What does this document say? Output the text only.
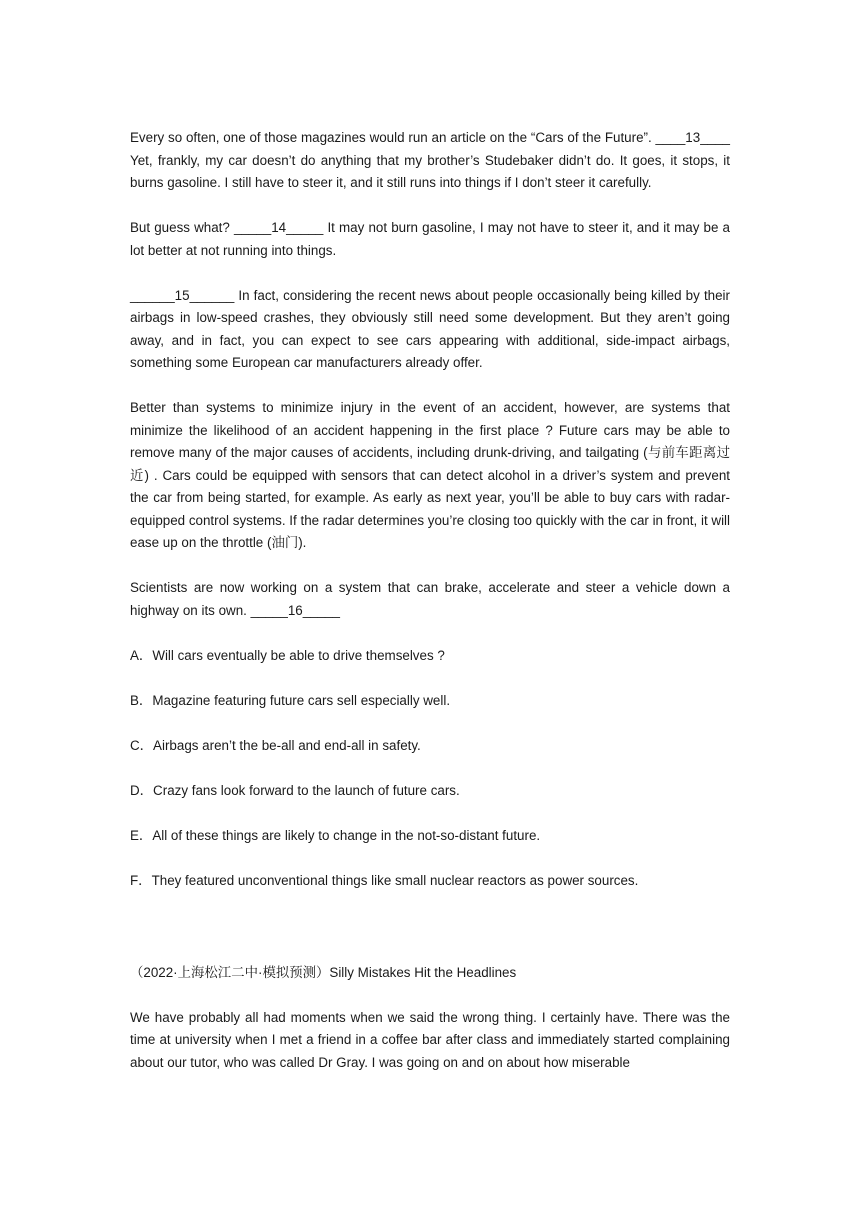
Every so often, one of those magazines would run an article on the “Cars of the Future”. ____13____ Yet, frankly, my car doesn’t do anything that my brother’s Studebaker didn’t do. It goes, it stops, it burns gasoline. I still have to steer it, and it still runs into things if I don’t steer it carefully.

But guess what? _____14_____ It may not burn gasoline, I may not have to steer it, and it may be a lot better at not running into things.

______15______ In fact, considering the recent news about people occasionally being killed by their airbags in low-speed crashes, they obviously still need some development. But they aren’t going away, and in fact, you can expect to see cars appearing with additional, side-impact airbags, something some European car manufacturers already offer.

Better than systems to minimize injury in the event of an accident, however, are systems that minimize the likelihood of an accident happening in the first place ? Future cars may be able to remove many of the major causes of accidents, including drunk-driving, and tailgating (与前车距离过近) . Cars could be equipped with sensors that can detect alcohol in a driver’s system and prevent the car from being started, for example. As early as next year, you’ll be able to buy cars with radar-equipped control systems. If the radar determines you’re closing too quickly with the car in front, it will ease up on the throttle (油门).

Scientists are now working on a system that can brake, accelerate and steer a vehicle down a highway on its own. _____16_____

A．Will cars eventually be able to drive themselves ?
B．Magazine featuring future cars sell especially well.
C．Airbags aren’t the be-all and end-all in safety.
D．Crazy fans look forward to the launch of future cars.
E．All of these things are likely to change in the not-so-distant future.
F．They featured unconventional things like small nuclear reactors as power sources.

（2022·上海松江二中·模拟预测）Silly Mistakes Hit the Headlines

We have probably all had moments when we said the wrong thing. I certainly have. There was the time at university when I met a friend in a coffee bar after class and immediately started complaining about our tutor, who was called Dr Gray. I was going on and on about how miserable
